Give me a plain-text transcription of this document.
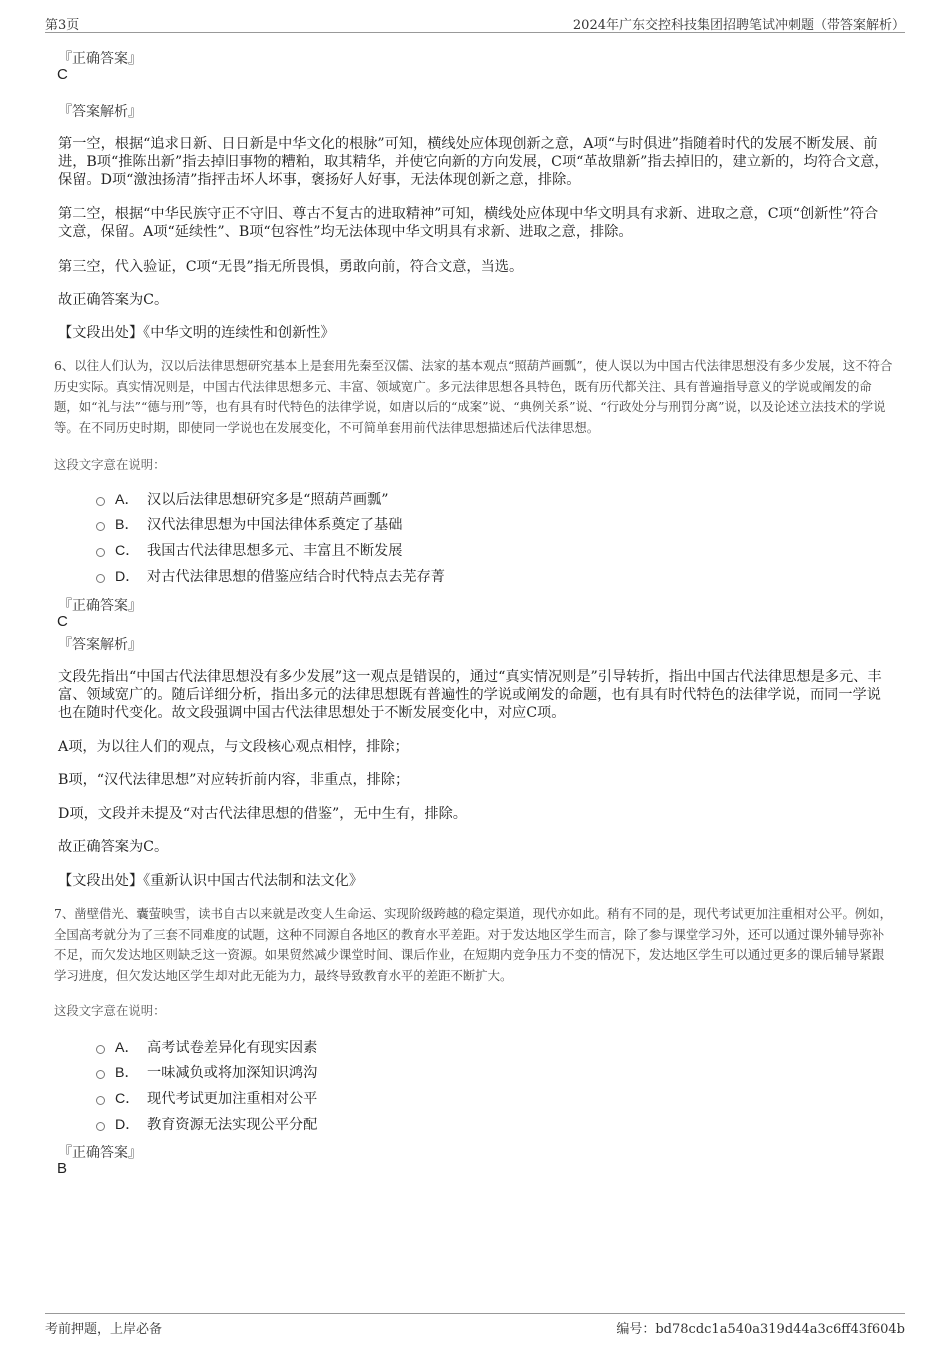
第3页	2024年广东交控科技集团招聘笔试冲刺题（带答案解析）
『正确答案』
C
『答案解析』
第一空，根据“追求日新、日日新是中华文化的根脉”可知，横线处应体现创新之意，A项“与时俱进”指随着时代的发展不断发展、前进，B项“推陈出新”指去掉旧事物的糟粕，取其精华，并使它向新的方向发展，C项“革故鼎新”指去掉旧的，建立新的，均符合文意，保留。D项“激浊扬清”指抨击坏人坏事，褒扬好人好事，无法体现创新之意，排除。
第二空，根据“中华民族守正不守旧、尊古不复古的进取精神”可知，横线处应体现中华文明具有求新、进取之意，C项“创新性”符合文意，保留。A项“延续性”、B项“包容性”均无法体现中华文明具有求新、进取之意，排除。
第三空，代入验证，C项“无畏”指无所畏惧，勇敢向前，符合文意，当选。
故正确答案为C。
【文段出处】《中华文明的连续性和创新性》
6、以往人们认为，汉以后法律思想研究基本上是套用先秦至汉儒、法家的基本观点“照葫芦画瓢”，使人误以为中国古代法律思想没有多少发展，这不符合历史实际。真实情况则是，中国古代法律思想多元、丰富、领域宽广。多元法律思想各具特色，既有历代都关注、具有普遍指导意义的学说或阐发的命题，如“礼与法”“德与刑”等，也有具有时代特色的法律学说，如唐以后的“成案”说、“典例关系”说、“行政处分与刑罚分离”说，以及论述立法技术的学说等。在不同历史时期，即使同一学说也在发展变化，不可简单套用前代法律思想描述后代法律思想。
这段文字意在说明：
A． 汉以后法律思想研究多是“照葫芦画瓢”
B． 汉代法律思想为中国法律体系奠定了基础
C． 我国古代法律思想多元、丰富且不断发展
D． 对古代法律思想的借鉴应结合时代特点去芜存菁
『正确答案』
C
『答案解析』
文段先指出“中国古代法律思想没有多少发展”这一观点是错误的，通过“真实情况则是”引导转折，指出中国古代法律思想是多元、丰富、领域宽广的。随后详细分析，指出多元的法律思想既有普遍性的学说或阐发的命题，也有具有时代特色的法律学说，而同一学说也在随时代变化。故文段强调中国古代法律思想处于不断发展变化中，对应C项。
A项，为以往人们的观点，与文段核心观点相悖，排除；
B项，“汉代法律思想”对应转折前内容，非重点，排除；
D项，文段并未提及“对古代法律思想的借鉴”，无中生有，排除。
故正确答案为C。
【文段出处】《重新认识中国古代法制和法文化》
7、凿壁借光、囊萤映雪，读书自古以来就是改变人生命运、实现阶级跨越的稳定渠道，现代亦如此。稍有不同的是，现代考试更加注重相对公平。例如，全国高考就分为了三套不同难度的试题，这种不同源自各地区的教育水平差距。对于发达地区学生而言，除了参与课堂学习外，还可以通过课外辅导弥补不足，而欠发达地区则缺乏这一资源。如果贸然减少课堂时间、课后作业，在短期内竞争压力不变的情况下，发达地区学生可以通过更多的课后辅导紧跟学习进度，但欠发达地区学生却对此无能为力，最终导致教育水平的差距不断扩大。
这段文字意在说明：
A． 高考试卷差异化有现实因素
B． 一味减负或将加深知识鸿沟
C． 现代考试更加注重相对公平
D． 教育资源无法实现公平分配
『正确答案』
B
考前押题，上岸必备	编号：bd78cdc1a540a319d44a3c6ff43f604b
